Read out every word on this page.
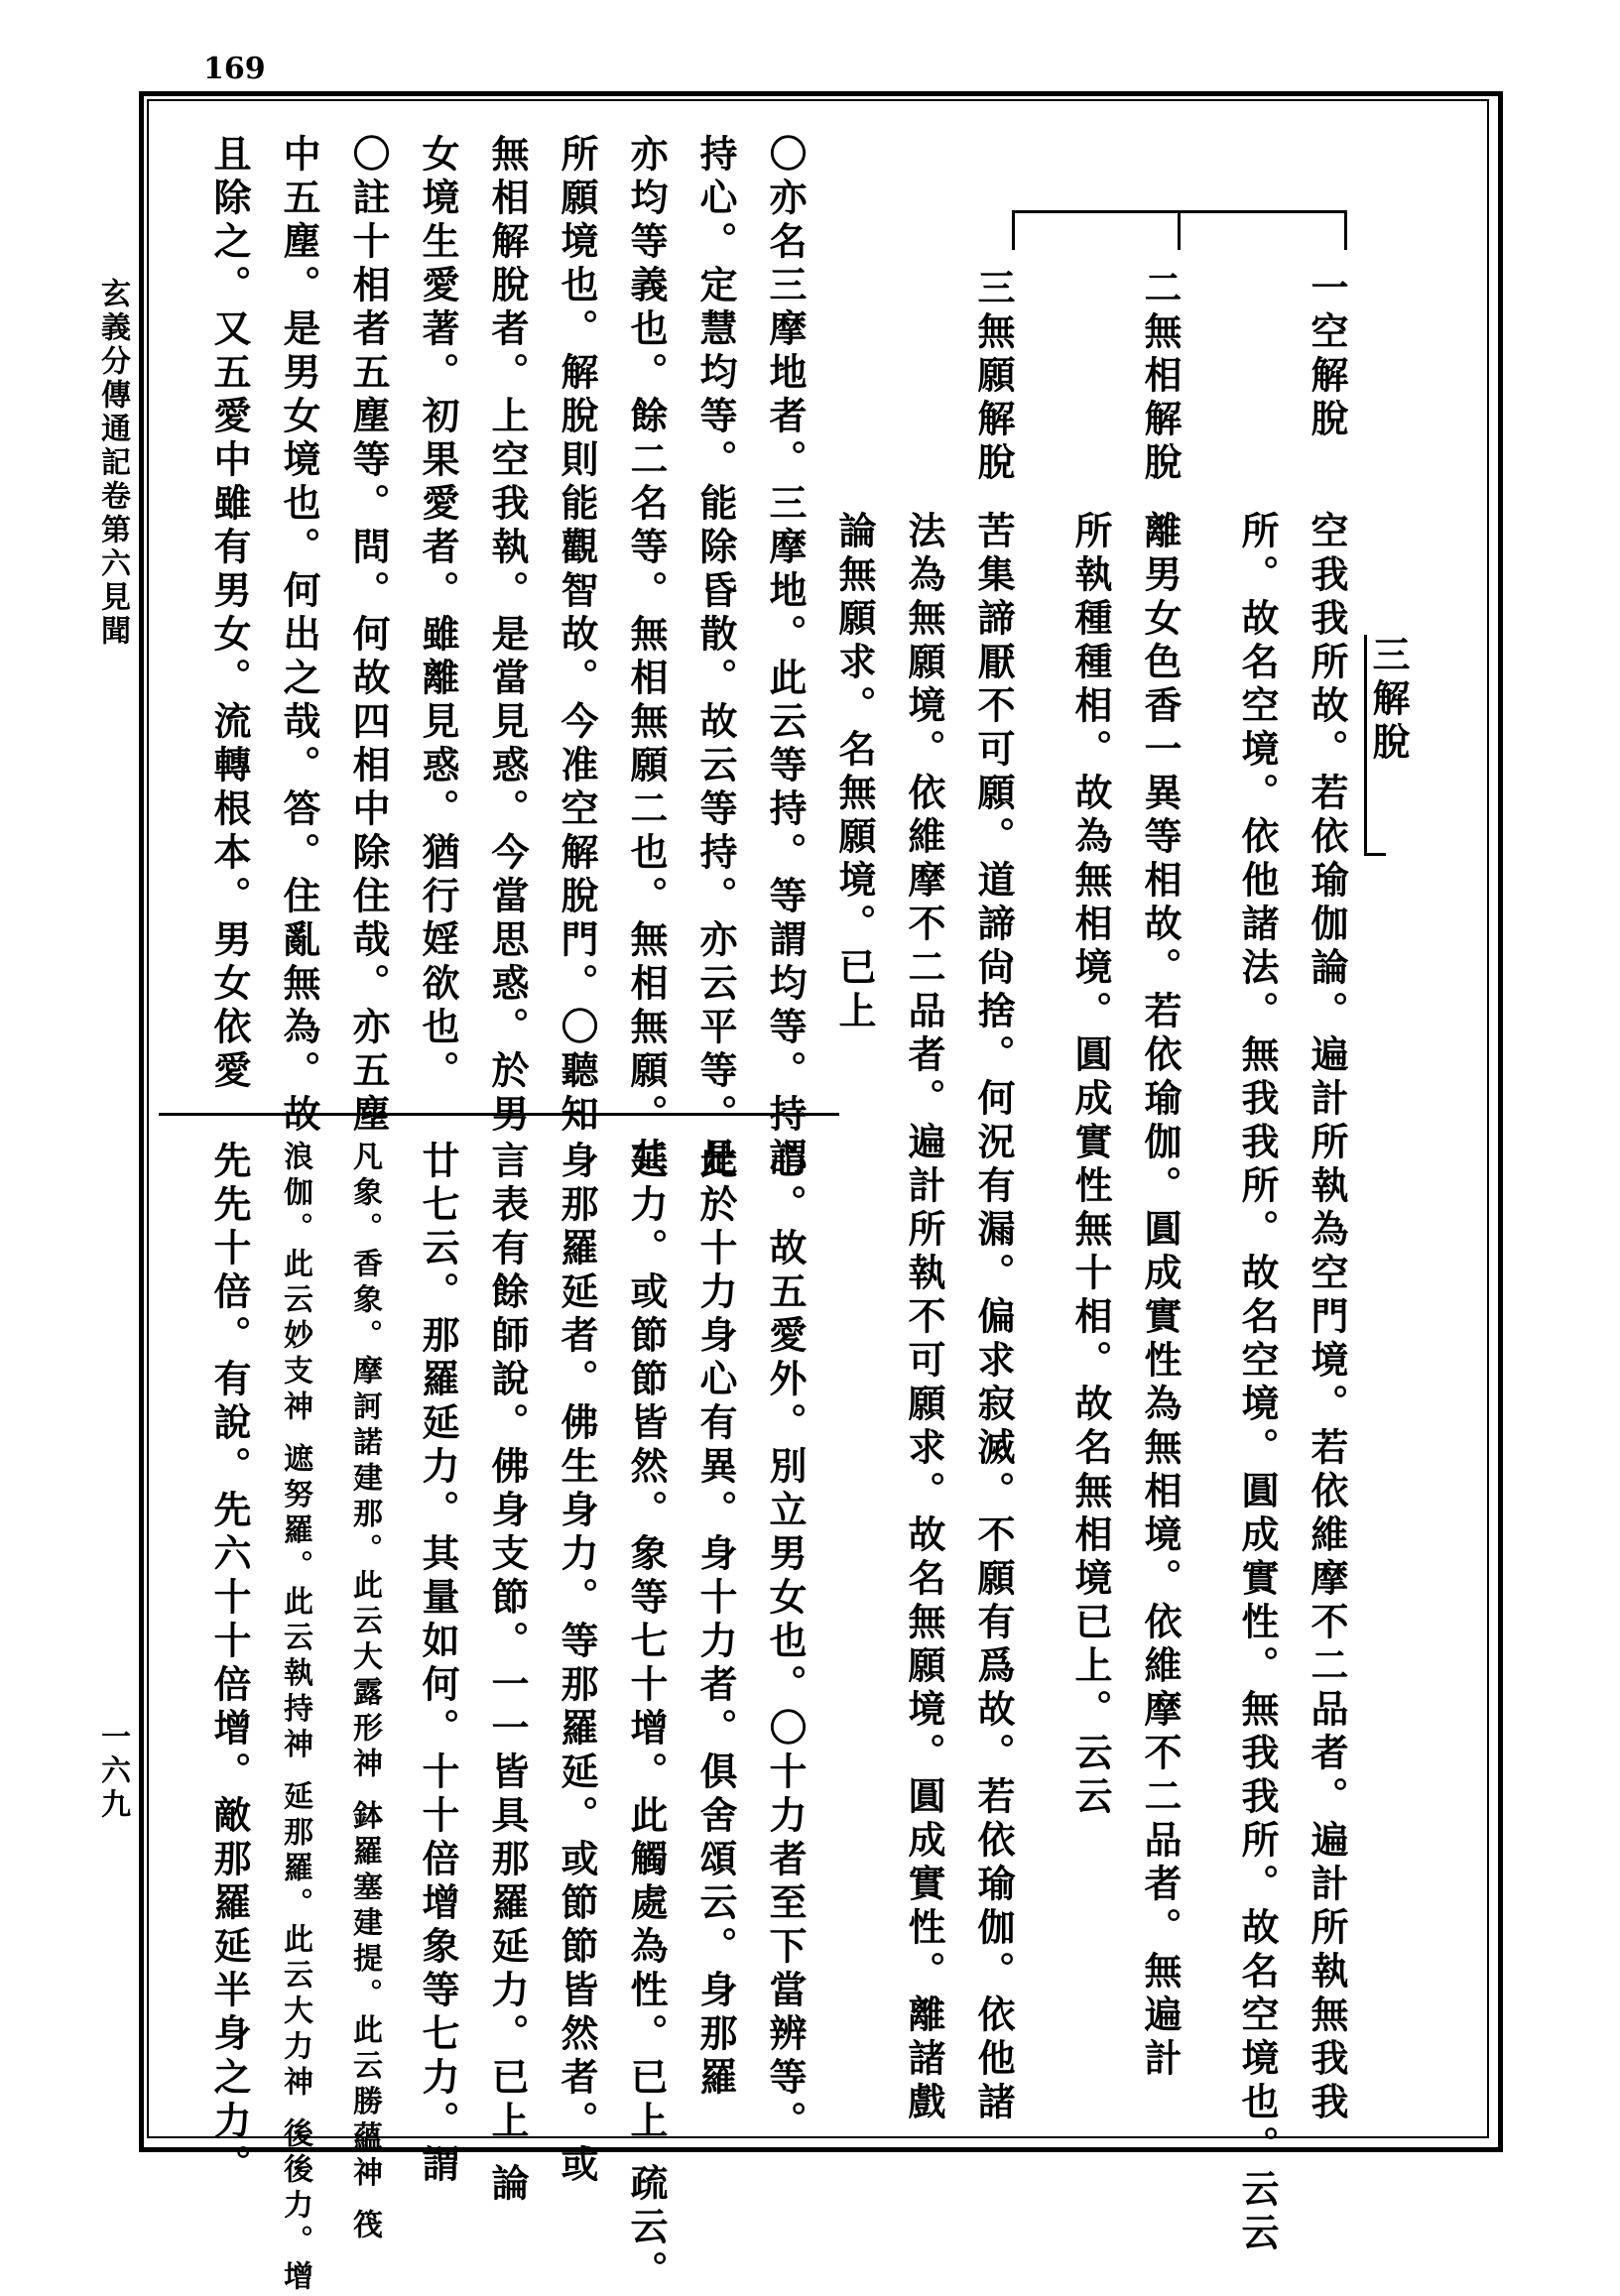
169
玄義分傳通記卷第六見聞
一六九
三解脫
一空解脫
二無相解脫
三無願解脫
空我我所故。若依瑜伽論。遍計所執為空門境。若依維摩不二品者。遍計所執無我我
所。故名空境。依他諸法。無我我所。故名空境。圓成實性。無我我所。故名空境也。云云
離男女色香一異等相故。若依瑜伽。圓成實性為無相境。依維摩不二品者。無遍計
所執種種相。故為無相境。圓成實性無十相。故名無相境已上。云云
苦集諦厭不可願。道諦尙捨。何況有漏。偏求寂滅。不願有爲故。若依瑜伽。依他諸
法為無願境。依維摩不二品者。遍計所執不可願求。故名無願境。圓成實性。離諸戲
論無願求。名無願境。已上
心。故五愛外。別立男女也。〇十力者至下當辨等。
此於十力身心有異。身十力者。俱舍頌云。身那羅
延力。或節節皆然。象等七十增。此觸處為性。已上 疏云。
身那羅延者。佛生身力。等那羅延。或節節皆然者。或
言表有餘師說。佛身支節。一一皆具那羅延力。已上 論
廿七云。那羅延力。其量如何。十十倍增象等七力。謂
凡象。香象。摩訶諾建那。此云大露形神 鉢羅塞建提。此云勝蘊神 筏
浪伽。此云妙支神 遮努羅。此云執持神 延那羅。此云大力神 後後力。增
先先十倍。有說。先六十十倍增。敵那羅延半身之力。
〇亦名三摩地者。三摩地。此云等持。等謂均等。持謂
持心。定慧均等。能除昏散。故云等持。亦云平等。是
亦均等義也。餘二名等。無相無願二也。無相無願。共
所願境也。解脫則能觀智故。今准空解脫門。〇聽知
無相解脫者。上空我執。是當見惑。今當思惑。於男
女境生愛著。初果愛者。雖離見惑。猶行婬欲也。
〇註十相者五塵等。問。何故四相中除住哉。亦五塵
中五塵。是男女境也。何出之哉。答。住亂無為。故
且除之。又五愛中雖有男女。流轉根本。男女依愛
